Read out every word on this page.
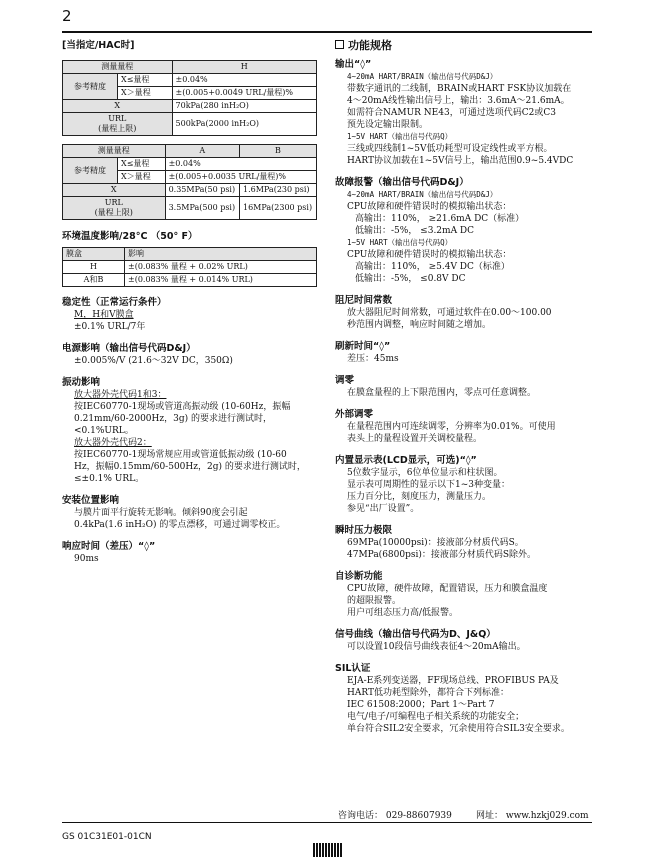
2
[当指定/HAC时]
测量量程		H
参考精度	X≤量程	±0.04%
	X＞量程	±(0.005+0.0049 URL/量程)%
X		70kPa(280 inH₂O)
URL
(量程上限)		500kPa(2000 inH₂O)
测量量程		A	B
参考精度	X≤量程	±0.04%	
	X＞量程	±(0.005+0.0035 URL/量程)%	
X		0.35MPa(50 psi)	1.6MPa(230 psi)
URL
(量程上限)		3.5MPa(500 psi)	16MPa(2300 psi)
环境温度影响/28°C （50° F）
膜盒	影响
H	±(0.083% 量程 + 0.02% URL)
A和B	±(0.083% 量程 + 0.014% URL)
稳定性（正常运行条件）
M，H和V膜盒
±0.1% URL/7年
电源影响（输出信号代码D&J）
±0.005%/V (21.6～32V DC，350Ω)
振动影响
放大器外壳代码1和3：
按IEC60770-1现场或管道高振动级 (10-60Hz，振幅
0.21mm/60-2000Hz，3g) 的要求进行测试时，<0.1%URL。
放大器外壳代码2：
按IEC60770-1现场常规应用或管道低振动级 (10-60
Hz，振幅0.15mm/60-500Hz，2g) 的要求进行测试时，
≤±0.1% URL。
安装位置影响
与膜片面平行旋转无影响。倾斜90度会引起
0.4kPa(1.6 inH₂O) 的零点漂移，可通过调零校正。
响应时间（差压）“◊”
90ms
功能规格
输出“◊”
4~20mA HART/BRAIN（输出信号代码D&J）
带数字通讯的二线制，BRAIN或HART FSK协议加载在
4～20mA线性输出信号上，输出：3.6mA～21.6mA。
如需符合NAMUR NE43，可通过选项代码C2或C3
预先设定输出限制。
1~5V HART（输出信号代码Q）
三线或四线制1~5V低功耗型可设定线性或平方根。
HART协议加载在1~5V信号上，输出范围0.9~5.4VDC
故障报警（输出信号代码D&J）
4~20mA HART/BRAIN（输出信号代码D&J）
CPU故障和硬件错误时的模拟输出状态：
高输出：110%， ≥21.6mA DC（标准）
低输出：-5%， ≤3.2mA DC
1~5V HART（输出信号代码Q）
CPU故障和硬件错误时的模拟输出状态：
高输出：110%， ≥5.4V DC（标准）
低输出：-5%， ≤0.8V DC
阻尼时间常数
放大器阻尼时间常数，可通过软件在0.00～100.00
秒范围内调整，响应时间随之增加。
刷新时间“◊”
差压：45ms
调零
在膜盒量程的上下限范围内，零点可任意调整。
外部调零
在量程范围内可连续调零，分辨率为0.01%。可使用
表头上的量程设置开关调校量程。
内置显示表(LCD显示，可选)“◊”
5位数字显示，6位单位显示和柱状图。
显示表可周期性的显示以下1~3种变量：
压力百分比，刻度压力，测量压力。
参见“出厂设置”。
瞬时压力极限
69MPa(10000psi)：接液部分材质代码S。
47MPa(6800psi)：接液部分材质代码S除外。
自诊断功能
CPU故障，硬件故障，配置错误，压力和膜盒温度
的超限报警。
用户可组态压力高/低报警。
信号曲线（输出信号代码为D、J&Q）
可以设置10段信号曲线表征4～20mA输出。
SIL认证
EJA-E系列变送器，FF现场总线、PROFIBUS PA及
HART低功耗型除外，都符合下列标准：
IEC 61508:2000；Part 1～Part 7
电气/电子/可编程电子相关系统的功能安全；
单台符合SIL2安全要求，冗余使用符合SIL3安全要求。
咨询电话： 029-88607939	网址： www.hzkj029.com
GS 01C31E01-01CN
